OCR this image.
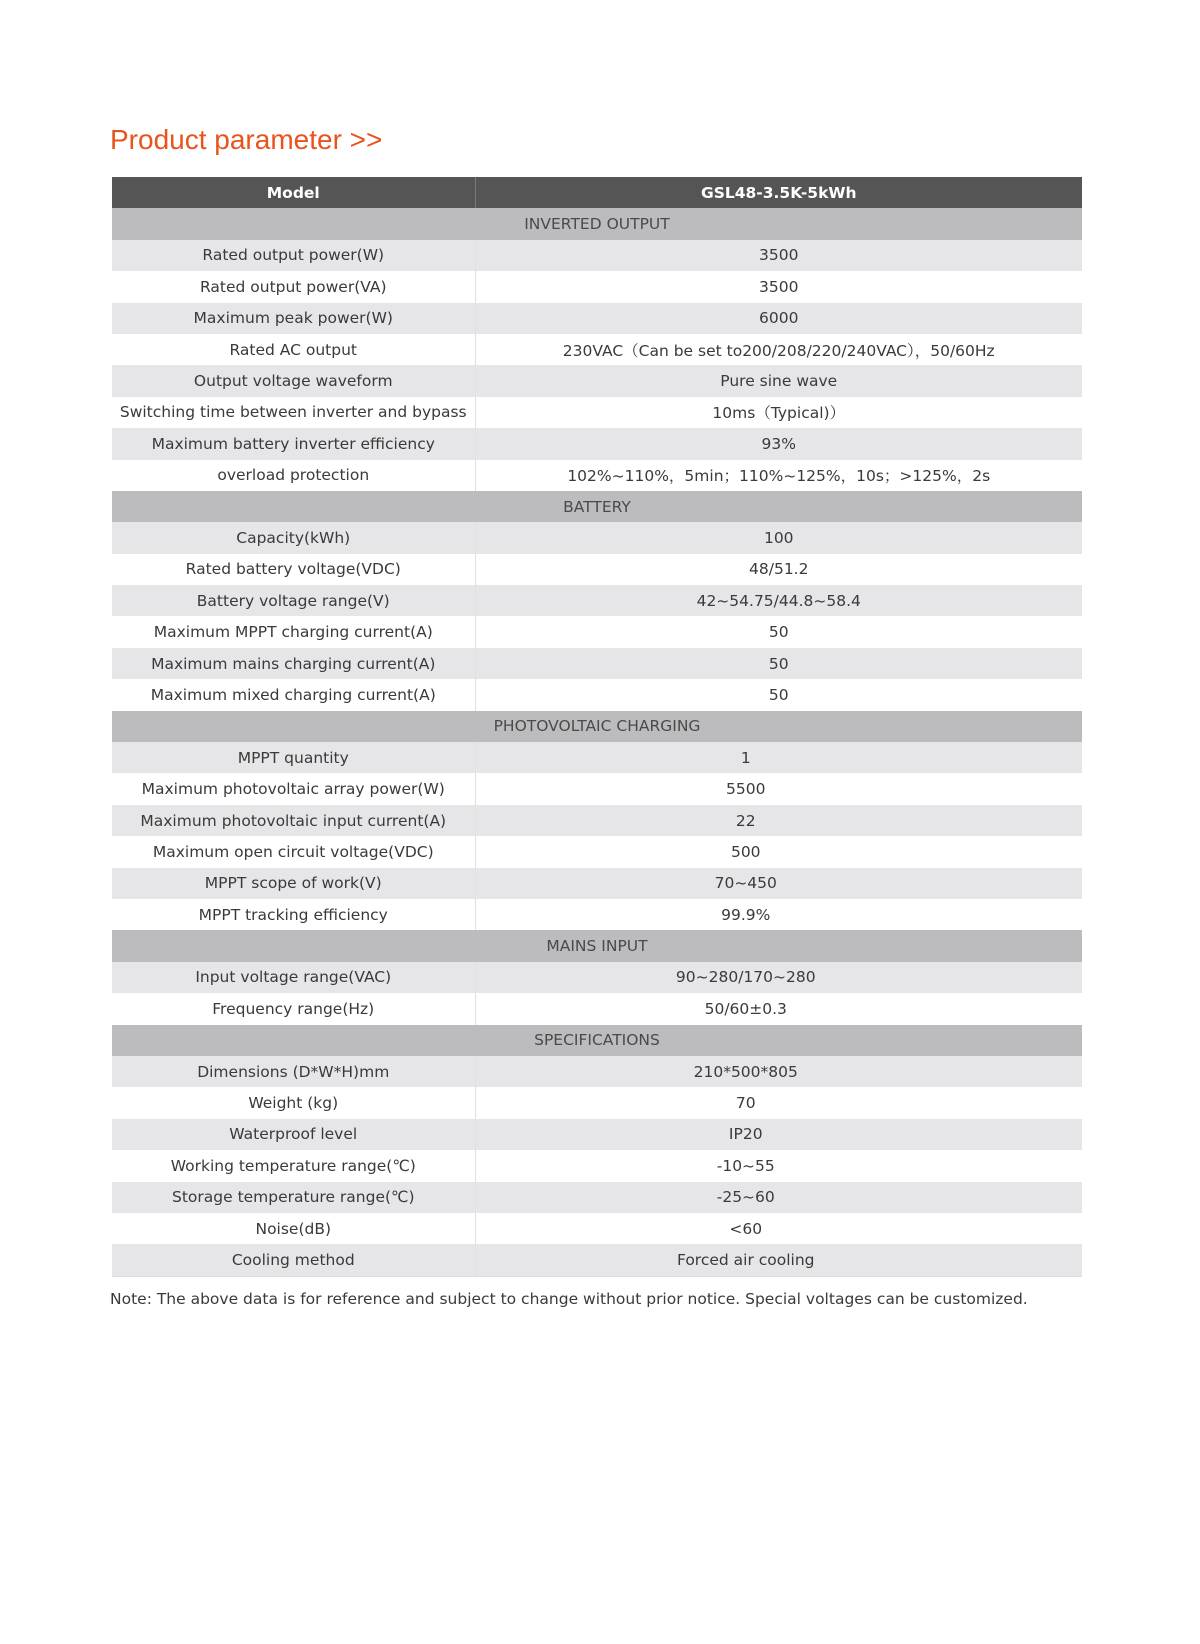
Product parameter >>
Model	GSL48-3.5K-5kWh
INVERTED OUTPUT	
Rated output power(W)	3500
Rated output power(VA)	3500
Maximum peak power(W)	6000
Rated AC output	230VAC（Can be set to200/208/220/240VAC），50/60Hz
Output voltage waveform	Pure sine wave
Switching time between inverter and bypass	10ms（Typical)）
Maximum battery inverter efficiency	93%
overload protection	102%~110%，5min；110%~125%，10s；>125%，2s
BATTERY	
Capacity(kWh)	100
Rated battery voltage(VDC)	48/51.2
Battery voltage range(V)	42~54.75/44.8~58.4
Maximum MPPT charging current(A)	50
Maximum mains charging current(A)	50
Maximum mixed charging current(A)	50
PHOTOVOLTAIC CHARGING	
MPPT quantity	1
Maximum photovoltaic array power(W)	5500
Maximum photovoltaic input current(A)	22
Maximum open circuit voltage(VDC)	500
MPPT scope of work(V)	70~450
MPPT tracking efficiency	99.9%
MAINS INPUT	
Input voltage range(VAC)	90~280/170~280
Frequency range(Hz)	50/60±0.3
SPECIFICATIONS	
Dimensions (D*W*H)mm	210*500*805
Weight (kg)	70
Waterproof level	IP20
Working temperature range(℃)	-10~55
Storage temperature range(℃)	-25~60
Noise(dB)	<60
Cooling method	Forced air cooling

Note: The above data is for reference and subject to change without prior notice. Special voltages can be customized.
